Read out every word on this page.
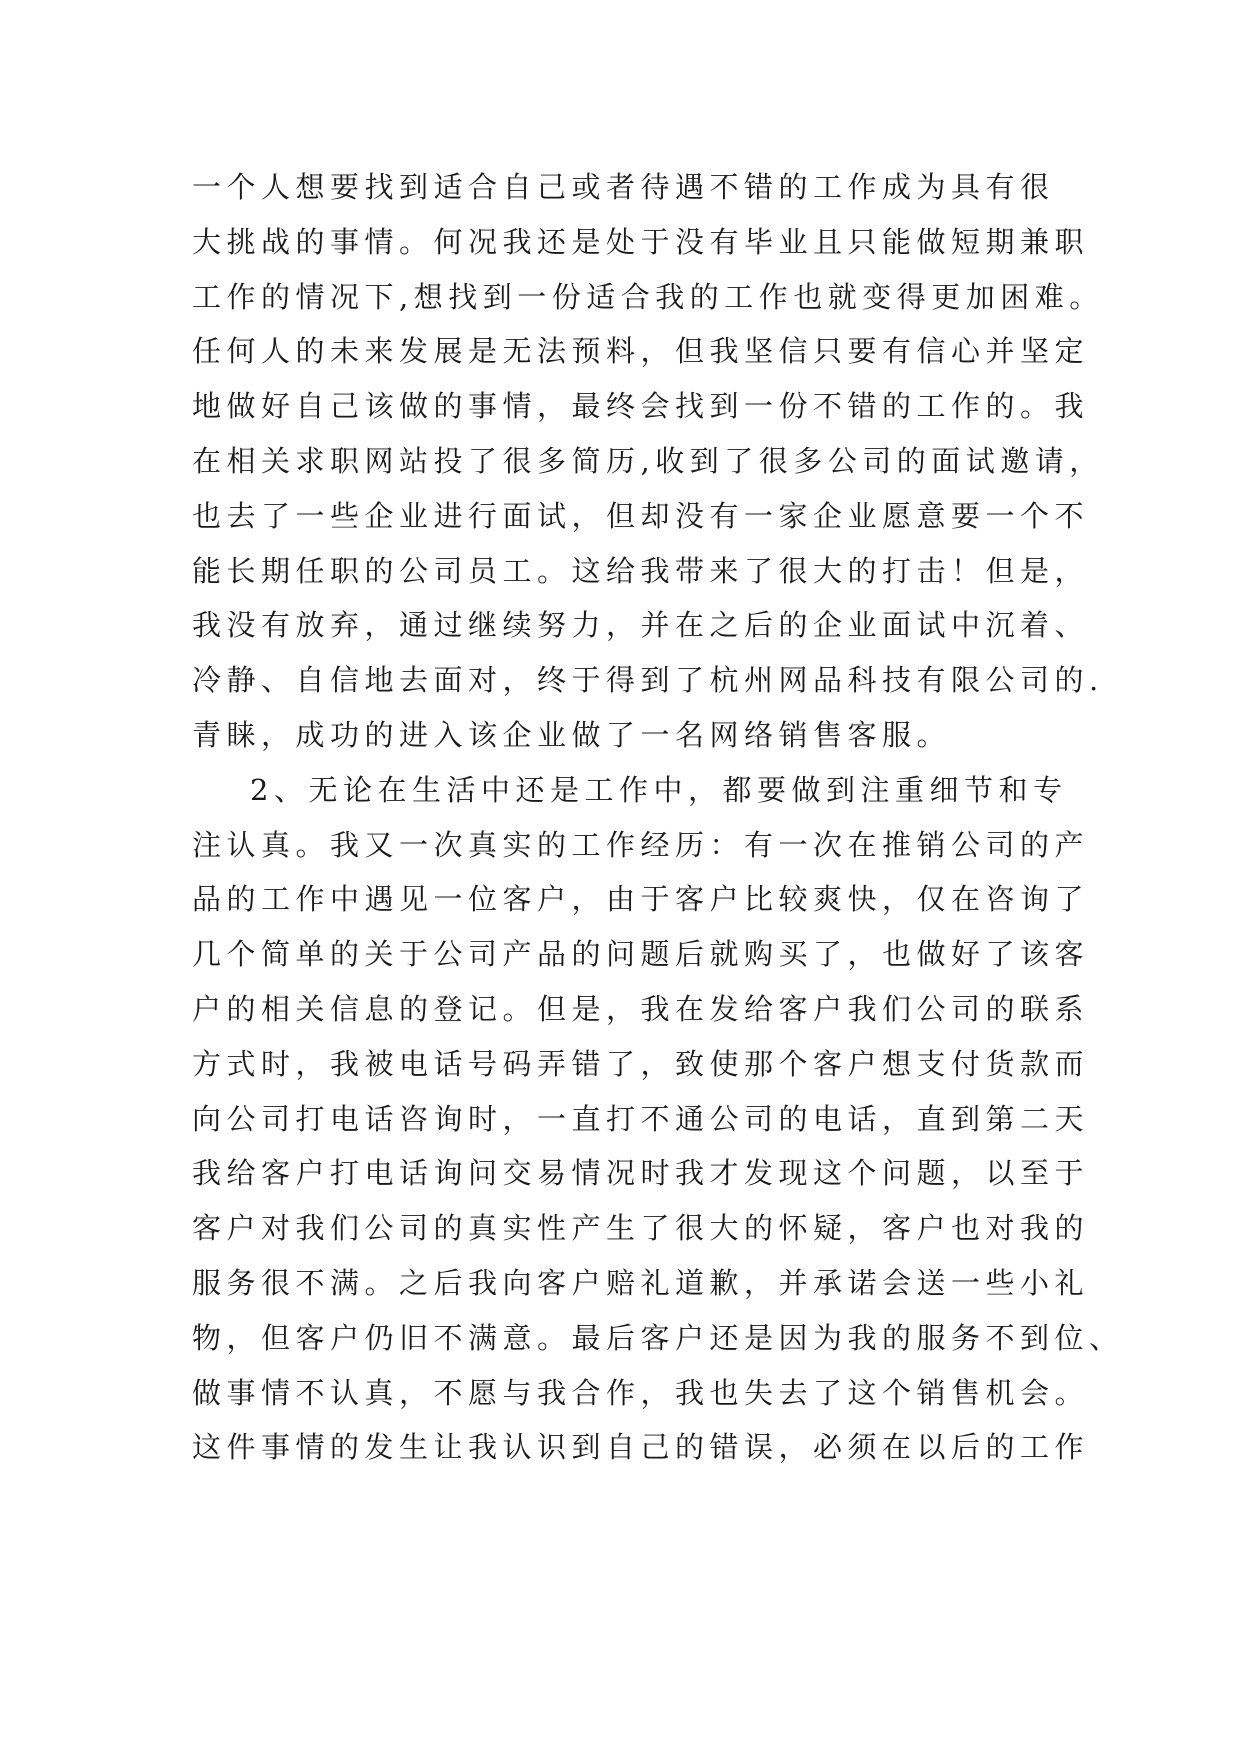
一个人想要找到适合自己或者待遇不错的工作成为具有很
大挑战的事情。何况我还是处于没有毕业且只能做短期兼职
工作的情况下,想找到一份适合我的工作也就变得更加困难。
任何人的未来发展是无法预料，但我坚信只要有信心并坚定
地做好自己该做的事情，最终会找到一份不错的工作的。我
在相关求职网站投了很多简历,收到了很多公司的面试邀请，
也去了一些企业进行面试，但却没有一家企业愿意要一个不
能长期任职的公司员工。这给我带来了很大的打击！但是，
我没有放弃，通过继续努力，并在之后的企业面试中沉着、
冷静、自信地去面对，终于得到了杭州网品科技有限公司的.
青睐，成功的进入该企业做了一名网络销售客服。
2、无论在生活中还是工作中，都要做到注重细节和专
注认真。我又一次真实的工作经历：有一次在推销公司的产
品的工作中遇见一位客户，由于客户比较爽快，仅在咨询了
几个简单的关于公司产品的问题后就购买了，也做好了该客
户的相关信息的登记。但是，我在发给客户我们公司的联系
方式时，我被电话号码弄错了，致使那个客户想支付货款而
向公司打电话咨询时，一直打不通公司的电话，直到第二天
我给客户打电话询问交易情况时我才发现这个问题，以至于
客户对我们公司的真实性产生了很大的怀疑，客户也对我的
服务很不满。之后我向客户赔礼道歉，并承诺会送一些小礼
物，但客户仍旧不满意。最后客户还是因为我的服务不到位、
做事情不认真，不愿与我合作，我也失去了这个销售机会。
这件事情的发生让我认识到自己的错误，必须在以后的工作
